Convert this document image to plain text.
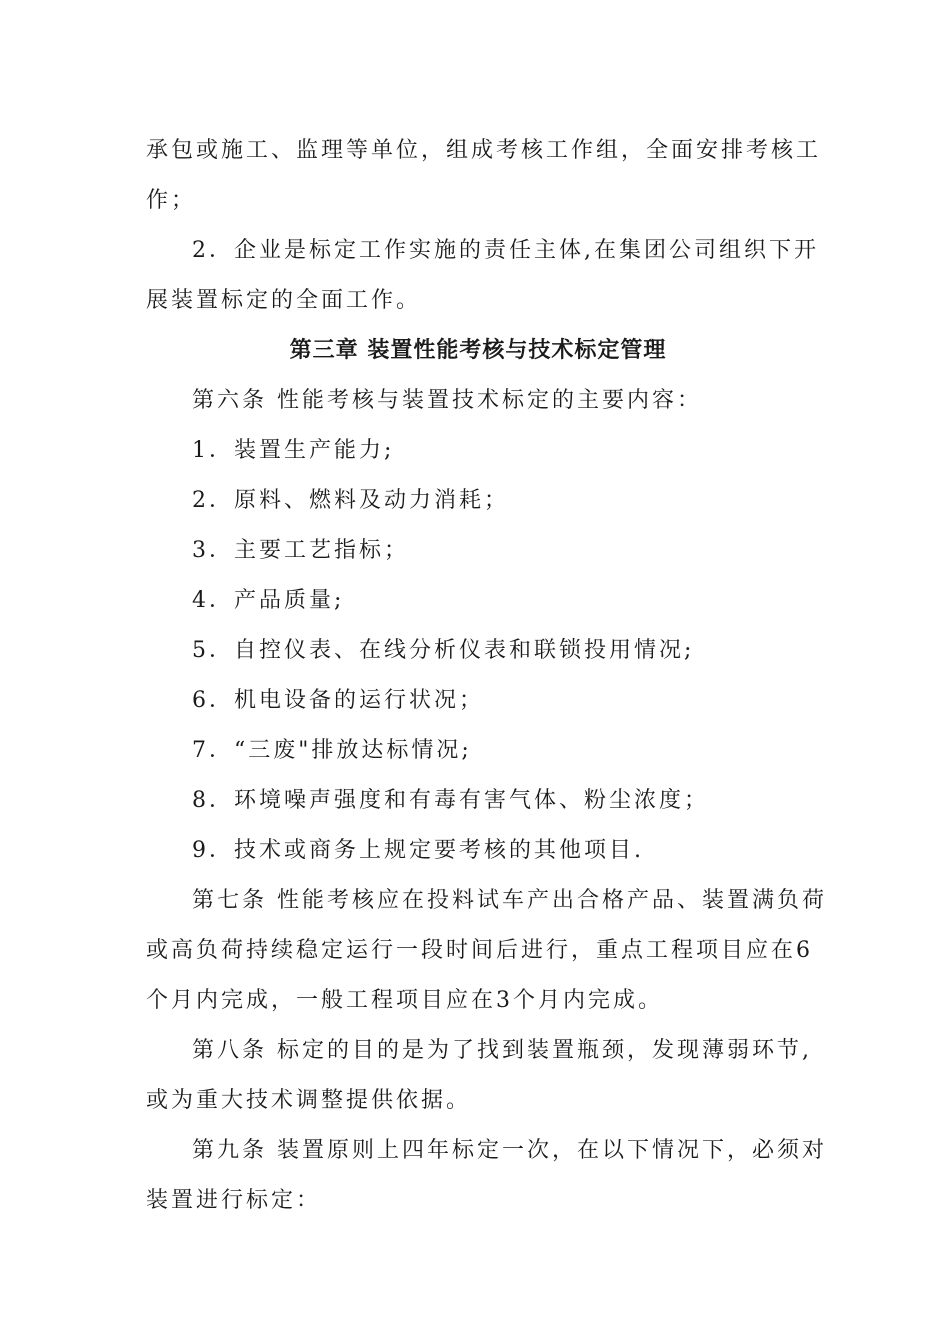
承包或施工、监理等单位，组成考核工作组，全面安排考核工

作；

2．企业是标定工作实施的责任主体,在集团公司组织下开

展装置标定的全面工作。

第三章 装置性能考核与技术标定管理

第六条 性能考核与装置技术标定的主要内容：

1．装置生产能力;

2．原料、燃料及动力消耗；

3．主要工艺指标；

4．产品质量;

5．自控仪表、在线分析仪表和联锁投用情况;

6．机电设备的运行状况；

7．“三废"排放达标情况;

8．环境噪声强度和有毒有害气体、粉尘浓度；

9．技术或商务上规定要考核的其他项目.

第七条 性能考核应在投料试车产出合格产品、装置满负荷

或高负荷持续稳定运行一段时间后进行，重点工程项目应在6

个月内完成，一般工程项目应在3个月内完成。

第八条 标定的目的是为了找到装置瓶颈，发现薄弱环节,

或为重大技术调整提供依据。

第九条 装置原则上四年标定一次，在以下情况下，必须对

装置进行标定：
